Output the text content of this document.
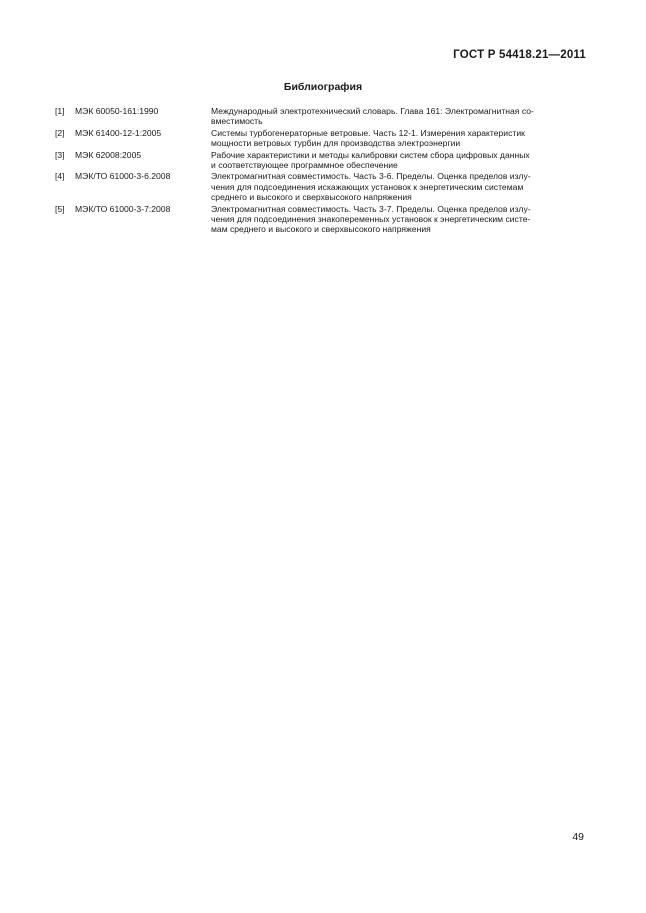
ГОСТ Р 54418.21—2011
Библиография
[1]	МЭК 60050-161:1990	Международный электротехнический словарь. Глава 161: Электромагнитная со-
вместимость
[2]	МЭК 61400-12-1:2005	Системы турбогенераторные ветровые. Часть 12-1. Измерения характеристик
мощности ветровых турбин для производства электроэнергии
[3]	МЭК 62008:2005	Рабочие характеристики и методы калибровки систем сбора цифровых данных
и соответствующее программное обеспечение
[4]	МЭК/ТО 61000-3-6.2008	Электромагнитная совместимость. Часть 3-6. Пределы. Оценка пределов излу-
чения для подсоединения искажающих установок к энергетическим системам
среднего и высокого и сверхвысокого напряжения
[5]	МЭК/ТО 61000-3-7:2008	Электромагнитная совместимость. Часть 3-7. Пределы. Оценка пределов излу-
чения для подсоединения знакопеременных установок к энергетическим систе-
мам среднего и высокого и сверхвысокого напряжения
49
